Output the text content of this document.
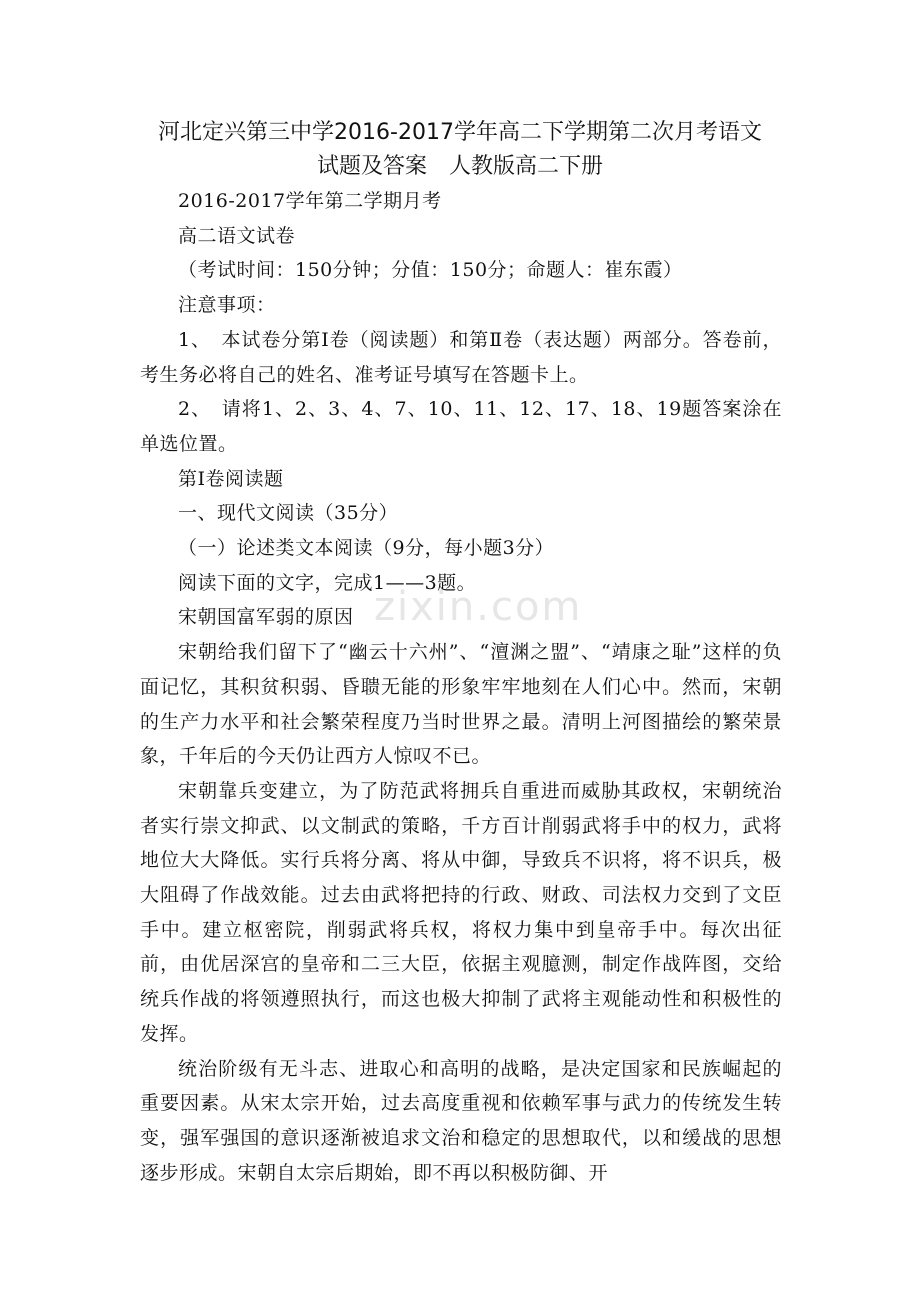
河北定兴第三中学2016-2017学年高二下学期第二次月考语文
试题及答案　人教版高二下册
zixin.com

2016-2017学年第二学期月考

高二语文试卷

（考试时间：150分钟；分值：150分；命题人：崔东霞）

注意事项：

1、　本试卷分第Ⅰ卷（阅读题）和第Ⅱ卷（表达题）两部分。答卷前，考生务必将自己的姓名、准考证号填写在答题卡上。

2、　请将1、2、3、4、7、10、11、12、17、18、19题答案涂在单选位置。

第Ⅰ卷阅读题

一、现代文阅读（35分）

（一）论述类文本阅读（9分，每小题3分）

阅读下面的文字，完成1——3题。

宋朝国富军弱的原因

宋朝给我们留下了“幽云十六州”、“澶渊之盟”、“靖康之耻”这样的负面记忆，其积贫积弱、昏聩无能的形象牢牢地刻在人们心中。然而，宋朝的生产力水平和社会繁荣程度乃当时世界之最。清明上河图描绘的繁荣景象，千年后的今天仍让西方人惊叹不已。

宋朝靠兵变建立，为了防范武将拥兵自重进而威胁其政权，宋朝统治者实行崇文抑武、以文制武的策略，千方百计削弱武将手中的权力，武将地位大大降低。实行兵将分离、将从中御，导致兵不识将，将不识兵，极大阻碍了作战效能。过去由武将把持的行政、财政、司法权力交到了文臣手中。建立枢密院，削弱武将兵权，将权力集中到皇帝手中。每次出征前，由优居深宫的皇帝和二三大臣，依据主观臆测，制定作战阵图，交给统兵作战的将领遵照执行，而这也极大抑制了武将主观能动性和积极性的发挥。

统治阶级有无斗志、进取心和高明的战略，是决定国家和民族崛起的重要因素。从宋太宗开始，过去高度重视和依赖军事与武力的传统发生转变，强军强国的意识逐渐被追求文治和稳定的思想取代，以和缓战的思想逐步形成。宋朝自太宗后期始，即不再以积极防御、开
